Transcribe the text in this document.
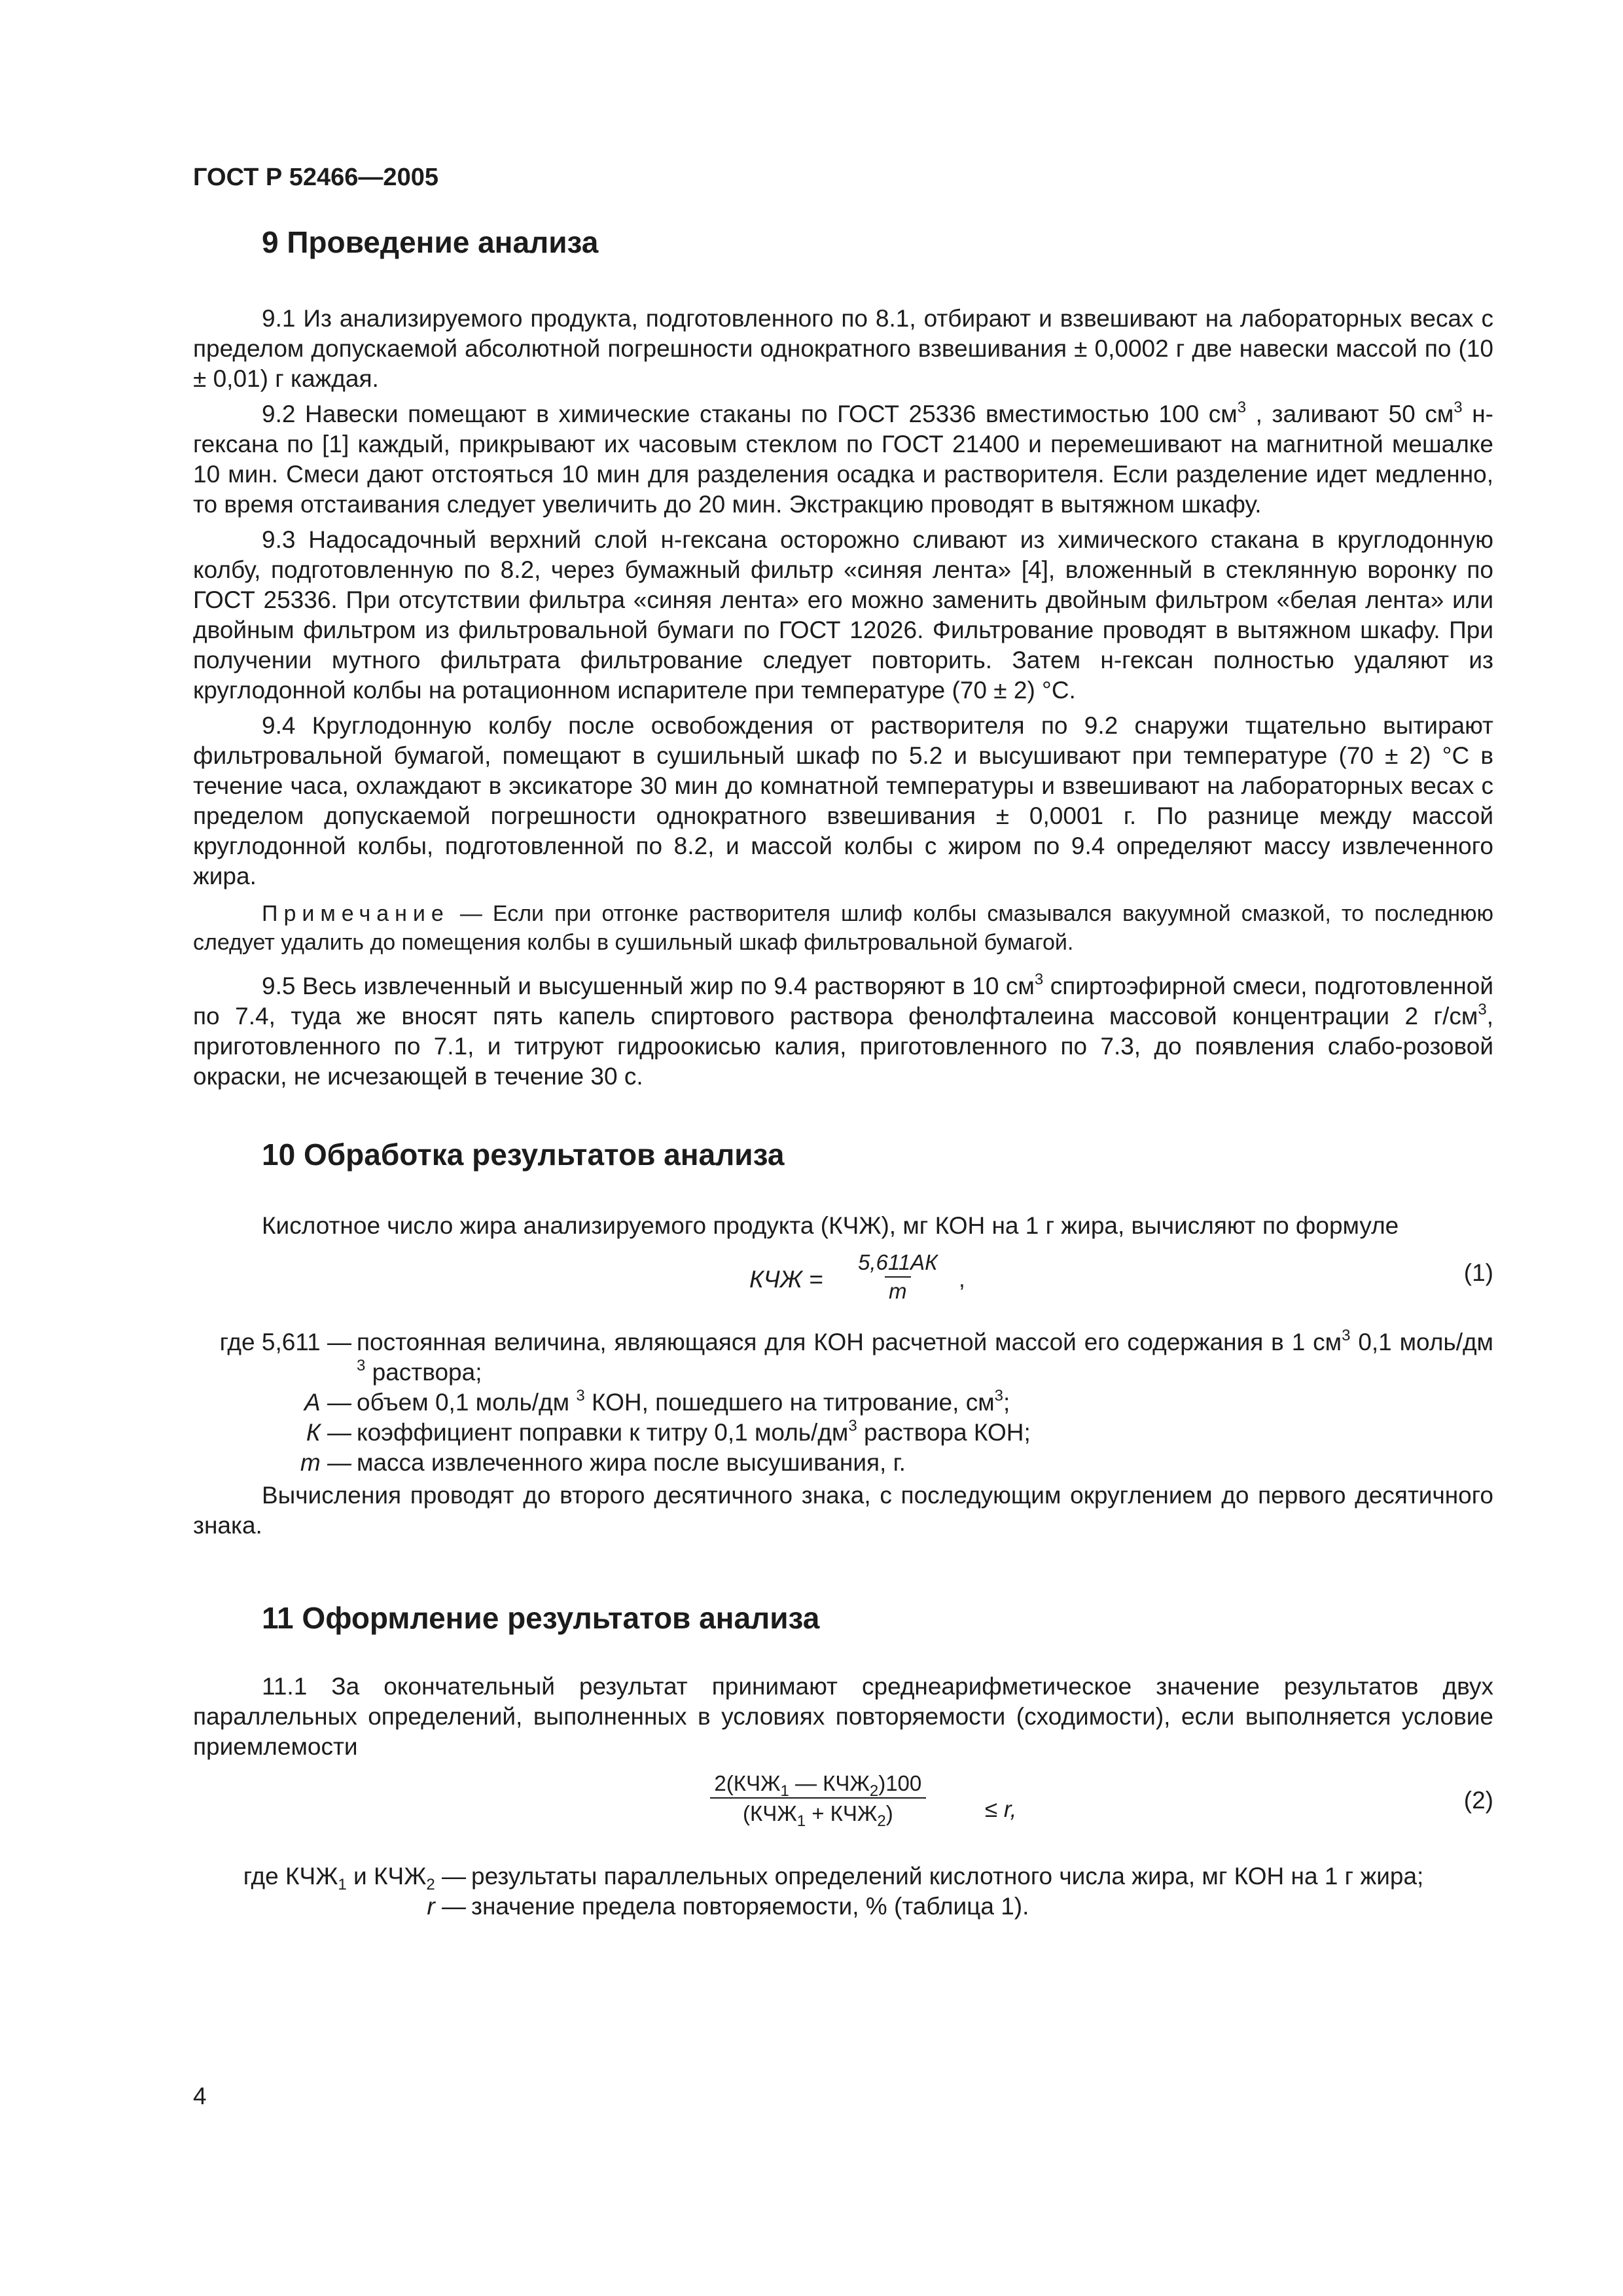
ГОСТ Р 52466—2005
9 Проведение анализа

9.1 Из анализируемого продукта, подготовленного по 8.1, отбирают и взвешивают на лабораторных весах с пределом допускаемой абсолютной погрешности однократного взвешивания ± 0,0002 г две навески массой по (10 ± 0,01) г каждая.

9.2 Навески помещают в химические стаканы по ГОСТ 25336 вместимостью 100 $см^3$ , заливают 50 $см^3$ н-гексана по [1] каждый, прикрывают их часовым стеклом по ГОСТ 21400 и перемешивают на магнитной мешалке 10 мин. Смеси дают отстояться 10 мин для разделения осадка и растворителя. Если разделение идет медленно, то время отстаивания следует увеличить до 20 мин. Экстракцию проводят в вытяжном шкафу.

9.3 Надосадочный верхний слой н-гексана осторожно сливают из химического стакана в круглодонную колбу, подготовленную по 8.2, через бумажный фильтр «синяя лента» [4], вложенный в стеклянную воронку по ГОСТ 25336. При отсутствии фильтра «синяя лента» его можно заменить двойным фильтром «белая лента» или двойным фильтром из фильтровальной бумаги по ГОСТ 12026. Фильтрование проводят в вытяжном шкафу. При получении мутного фильтрата фильтрование следует повторить. Затем н-гексан полностью удаляют из круглодонной колбы на ротационном испарителе при температуре (70 ± 2) °С.

9.4 Круглодонную колбу после освобождения от растворителя по 9.2 снаружи тщательно вытирают фильтровальной бумагой, помещают в сушильный шкаф по 5.2 и высушивают при температуре (70 ± 2) °С в течение часа, охлаждают в эксикаторе 30 мин до комнатной температуры и взвешивают на лабораторных весах с пределом допускаемой погрешности однократного взвешивания ± 0,0001 г. По разнице между массой круглодонной колбы, подготовленной по 8.2, и массой колбы с жиром по 9.4 определяют массу извлеченного жира.

Примечание — Если при отгонке растворителя шлиф колбы смазывался вакуумной смазкой, то последнюю следует удалить до помещения колбы в сушильный шкаф фильтровальной бумагой.

9.5 Весь извлеченный и высушенный жир по 9.4 растворяют в 10 $см^3$ спиртоэфирной смеси, подготовленной по 7.4, туда же вносят пять капель спиртового раствора фенолфталеина массовой концентрации 2 $г/см^3$, приготовленного по 7.1, и титруют гидроокисью калия, приготовленного по 7.3, до появления слабо-розовой окраски, не исчезающей в течение 30 с.

10 Обработка результатов анализа

Кислотное число жира анализируемого продукта (КЧЖ), мг КОН на 1 г жира, вычисляют по формуле

КЧЖ =
5,611АК
m ,	(1)
где 5,611 — постоянная величина, являющаяся для КОН расчетной массой его содержания в 1 $см^3$ 0,1 моль/дм $^3$ раствора;
А — объем 0,1 моль/дм $^3$ КОН, пошедшего на титрование, $см^3$;
К — коэффициент поправки к титру 0,1 моль/$дм^3$ раствора КОН;
m — масса извлеченного жира после высушивания, г.

Вычисления проводят до второго десятичного знака, с последующим округлением до первого десятичного знака.

11 Оформление результатов анализа

11.1 За окончательный результат принимают среднеарифметическое значение результатов двух параллельных определений, выполненных в условиях повторяемости (сходимости), если выполняется условие приемлемости

$2(КЧЖ_1$ — $КЧЖ_2)100$
$(КЧЖ_1 + КЧЖ_2)$	≤ r,	(2)
где $КЧЖ_1$ и $КЧЖ_2$ — результаты параллельных определений кислотного числа жира, мг КОН на 1 г жира;
r — значение предела повторяемости, % (таблица 1).
4
